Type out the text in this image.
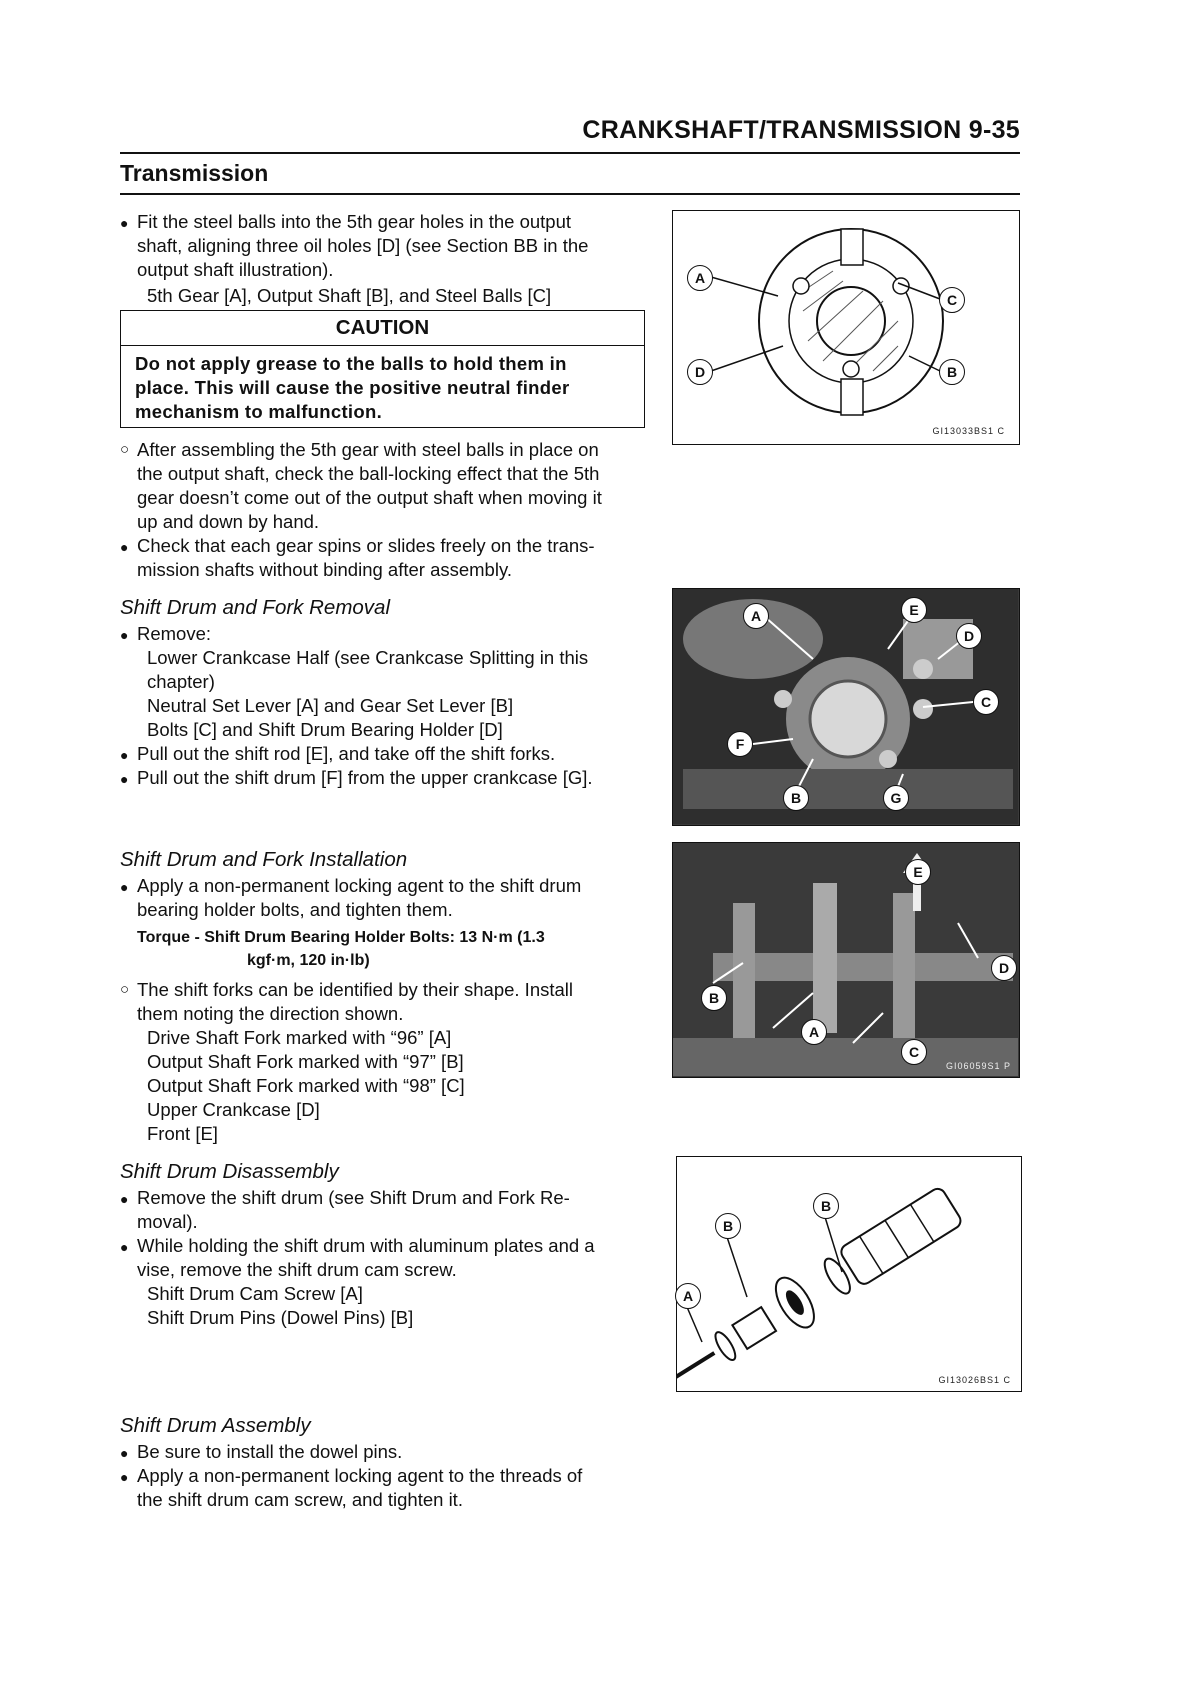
CRANKSHAFT/TRANSMISSION 9-35
Transmission
● Fit the steel balls into the 5th gear holes in the output
shaft, aligning three oil holes [D] (see Section BB in the
output shaft illustration).
5th Gear [A], Output Shaft [B], and Steel Balls [C]
CAUTION
Do not apply grease to the balls to hold them in
place. This will cause the positive neutral finder
mechanism to malfunction.
○ After assembling the 5th gear with steel balls in place on
the output shaft, check the ball-locking effect that the 5th
gear doesn’t come out of the output shaft when moving it
up and down by hand.
● Check that each gear spins or slides freely on the trans-
mission shafts without binding after assembly.
Shift Drum and Fork Removal
● Remove:
Lower Crankcase Half (see Crankcase Splitting in this
chapter)
Neutral Set Lever [A] and Gear Set Lever [B]
Bolts [C] and Shift Drum Bearing Holder [D]
● Pull out the shift rod [E], and take off the shift forks.
● Pull out the shift drum [F] from the upper crankcase [G].
Shift Drum and Fork Installation
● Apply a non-permanent locking agent to the shift drum
bearing holder bolts, and tighten them.
Torque - Shift Drum Bearing Holder Bolts: 13 N·m (1.3
kgf·m, 120 in·lb)
○ The shift forks can be identified by their shape. Install
them noting the direction shown.
Drive Shaft Fork marked with “96” [A]
Output Shaft Fork marked with “97” [B]
Output Shaft Fork marked with “98” [C]
Upper Crankcase [D]
Front [E]
Shift Drum Disassembly
● Remove the shift drum (see Shift Drum and Fork Re-
moval).
● While holding the shift drum with aluminum plates and a
vise, remove the shift drum cam screw.
Shift Drum Cam Screw [A]
Shift Drum Pins (Dowel Pins) [B]
Shift Drum Assembly
● Be sure to install the dowel pins.
● Apply a non-permanent locking agent to the threads of
the shift drum cam screw, and tighten it.
A
C
B
D
GI13033BS1 C
A	E
D
C
F
B	G
E
D
B
A
C
GI06059S1 P
B
B
A
GI13026BS1 C
